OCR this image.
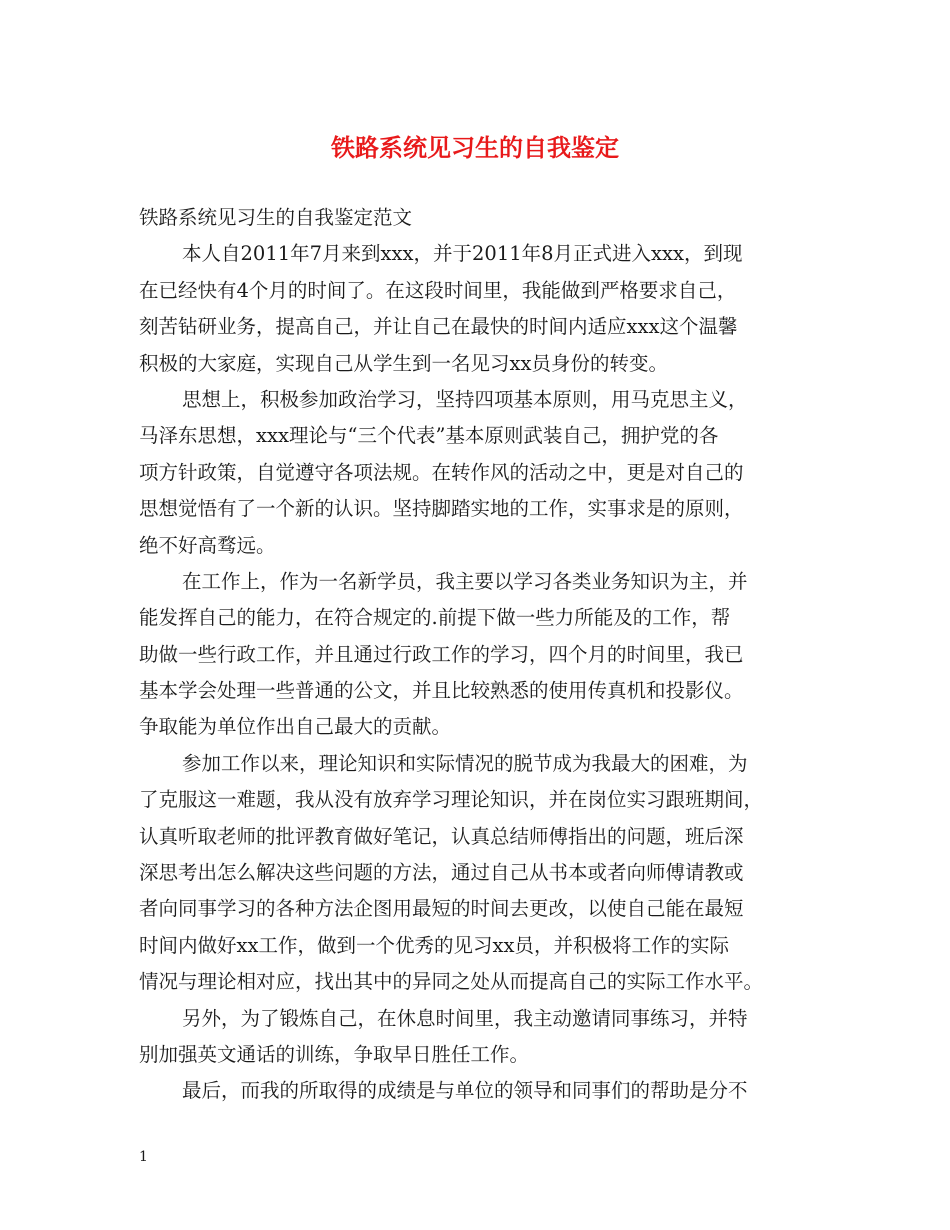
铁路系统见习生的自我鉴定
铁路系统见习生的自我鉴定范文
本人自2011年7月来到xxx，并于2011年8月正式进入xxx，到现
在已经快有4个月的时间了。在这段时间里，我能做到严格要求自己，
刻苦钻研业务，提高自己，并让自己在最快的时间内适应xxx这个温馨
积极的大家庭，实现自己从学生到一名见习xx员身份的转变。
思想上，积极参加政治学习，坚持四项基本原则，用马克思主义，
马泽东思想，xxx理论与“三个代表”基本原则武装自己，拥护党的各
项方针政策，自觉遵守各项法规。在转作风的活动之中，更是对自己的
思想觉悟有了一个新的认识。坚持脚踏实地的工作，实事求是的原则，
绝不好高骛远。
在工作上，作为一名新学员，我主要以学习各类业务知识为主，并
能发挥自己的能力，在符合规定的.前提下做一些力所能及的工作，帮
助做一些行政工作，并且通过行政工作的学习，四个月的时间里，我已
基本学会处理一些普通的公文，并且比较熟悉的使用传真机和投影仪。
争取能为单位作出自己最大的贡献。
参加工作以来，理论知识和实际情况的脱节成为我最大的困难，为
了克服这一难题，我从没有放弃学习理论知识，并在岗位实习跟班期间，
认真听取老师的批评教育做好笔记，认真总结师傅指出的问题，班后深
深思考出怎么解决这些问题的方法，通过自己从书本或者向师傅请教或
者向同事学习的各种方法企图用最短的时间去更改，以使自己能在最短
时间内做好xx工作，做到一个优秀的见习xx员，并积极将工作的实际
情况与理论相对应，找出其中的异同之处从而提高自己的实际工作水平。
另外，为了锻炼自己，在休息时间里，我主动邀请同事练习，并特
别加强英文通话的训练，争取早日胜任工作。
最后，而我的所取得的成绩是与单位的领导和同事们的帮助是分不
1
